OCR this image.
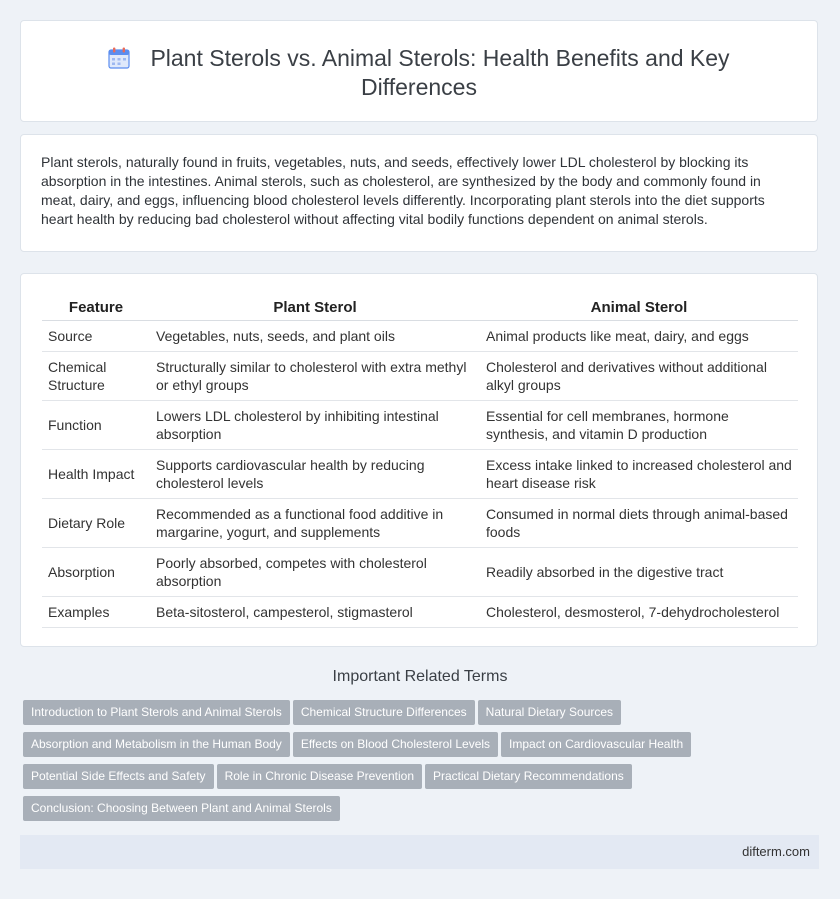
Plant Sterols vs. Animal Sterols: Health Benefits and Key Differences
Plant sterols, naturally found in fruits, vegetables, nuts, and seeds, effectively lower LDL cholesterol by blocking its absorption in the intestines. Animal sterols, such as cholesterol, are synthesized by the body and commonly found in meat, dairy, and eggs, influencing blood cholesterol levels differently. Incorporating plant sterols into the diet supports heart health by reducing bad cholesterol without affecting vital bodily functions dependent on animal sterols.
Feature	Plant Sterol	Animal Sterol
Source	Vegetables, nuts, seeds, and plant oils	Animal products like meat, dairy, and eggs
Chemical Structure	Structurally similar to cholesterol with extra methyl or ethyl groups	Cholesterol and derivatives without additional alkyl groups
Function	Lowers LDL cholesterol by inhibiting intestinal absorption	Essential for cell membranes, hormone synthesis, and vitamin D production
Health Impact	Supports cardiovascular health by reducing cholesterol levels	Excess intake linked to increased cholesterol and heart disease risk
Dietary Role	Recommended as a functional food additive in margarine, yogurt, and supplements	Consumed in normal diets through animal-based foods
Absorption	Poorly absorbed, competes with cholesterol absorption	Readily absorbed in the digestive tract
Examples	Beta-sitosterol, campesterol, stigmasterol	Cholesterol, desmosterol, 7-dehydrocholesterol
Important Related Terms
Introduction to Plant Sterols and Animal Sterols Chemical Structure Differences Natural Dietary Sources
Absorption and Metabolism in the Human Body Effects on Blood Cholesterol Levels Impact on Cardiovascular Health
Potential Side Effects and Safety Role in Chronic Disease Prevention Practical Dietary Recommendations
Conclusion: Choosing Between Plant and Animal Sterols
difterm.com
